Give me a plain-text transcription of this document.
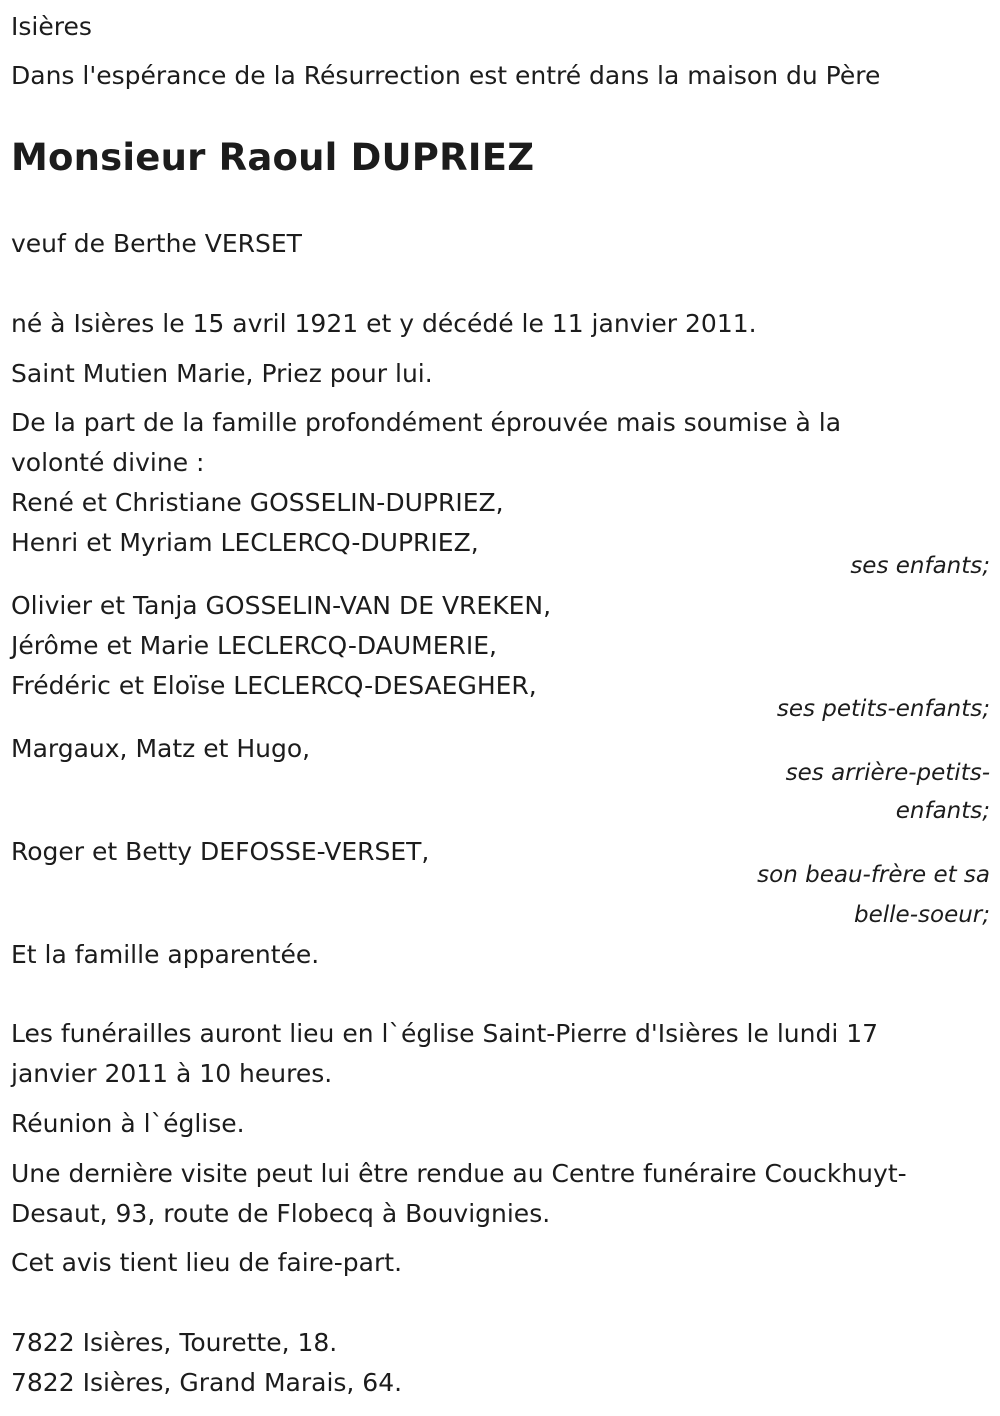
Isières
Dans l'espérance de la Résurrection est entré dans la maison du Père
Monsieur Raoul DUPRIEZ
veuf de Berthe VERSET
né à Isières le 15 avril 1921 et y décédé le 11 janvier 2011.
Saint Mutien Marie, Priez pour lui.
De la part de la famille profondément éprouvée mais soumise à la
volonté divine :
René et Christiane GOSSELIN-DUPRIEZ,
Henri et Myriam LECLERCQ-DUPRIEZ,
ses enfants;
Olivier et Tanja GOSSELIN-VAN DE VREKEN,
Jérôme et Marie LECLERCQ-DAUMERIE,
Frédéric et Eloïse LECLERCQ-DESAEGHER,
ses petits-enfants;
Margaux, Matz et Hugo,
ses arrière-petits-
enfants;
Roger et Betty DEFOSSE-VERSET,
son beau-frère et sa
belle-soeur;
Et la famille apparentée.
Les funérailles auront lieu en l`église Saint-Pierre d'Isières le lundi 17
janvier 2011 à 10 heures.
Réunion à l`église.
Une dernière visite peut lui être rendue au Centre funéraire Couckhuyt-
Desaut, 93, route de Flobecq à Bouvignies.
Cet avis tient lieu de faire-part.
7822 Isières, Tourette, 18.
7822 Isières, Grand Marais, 64.
